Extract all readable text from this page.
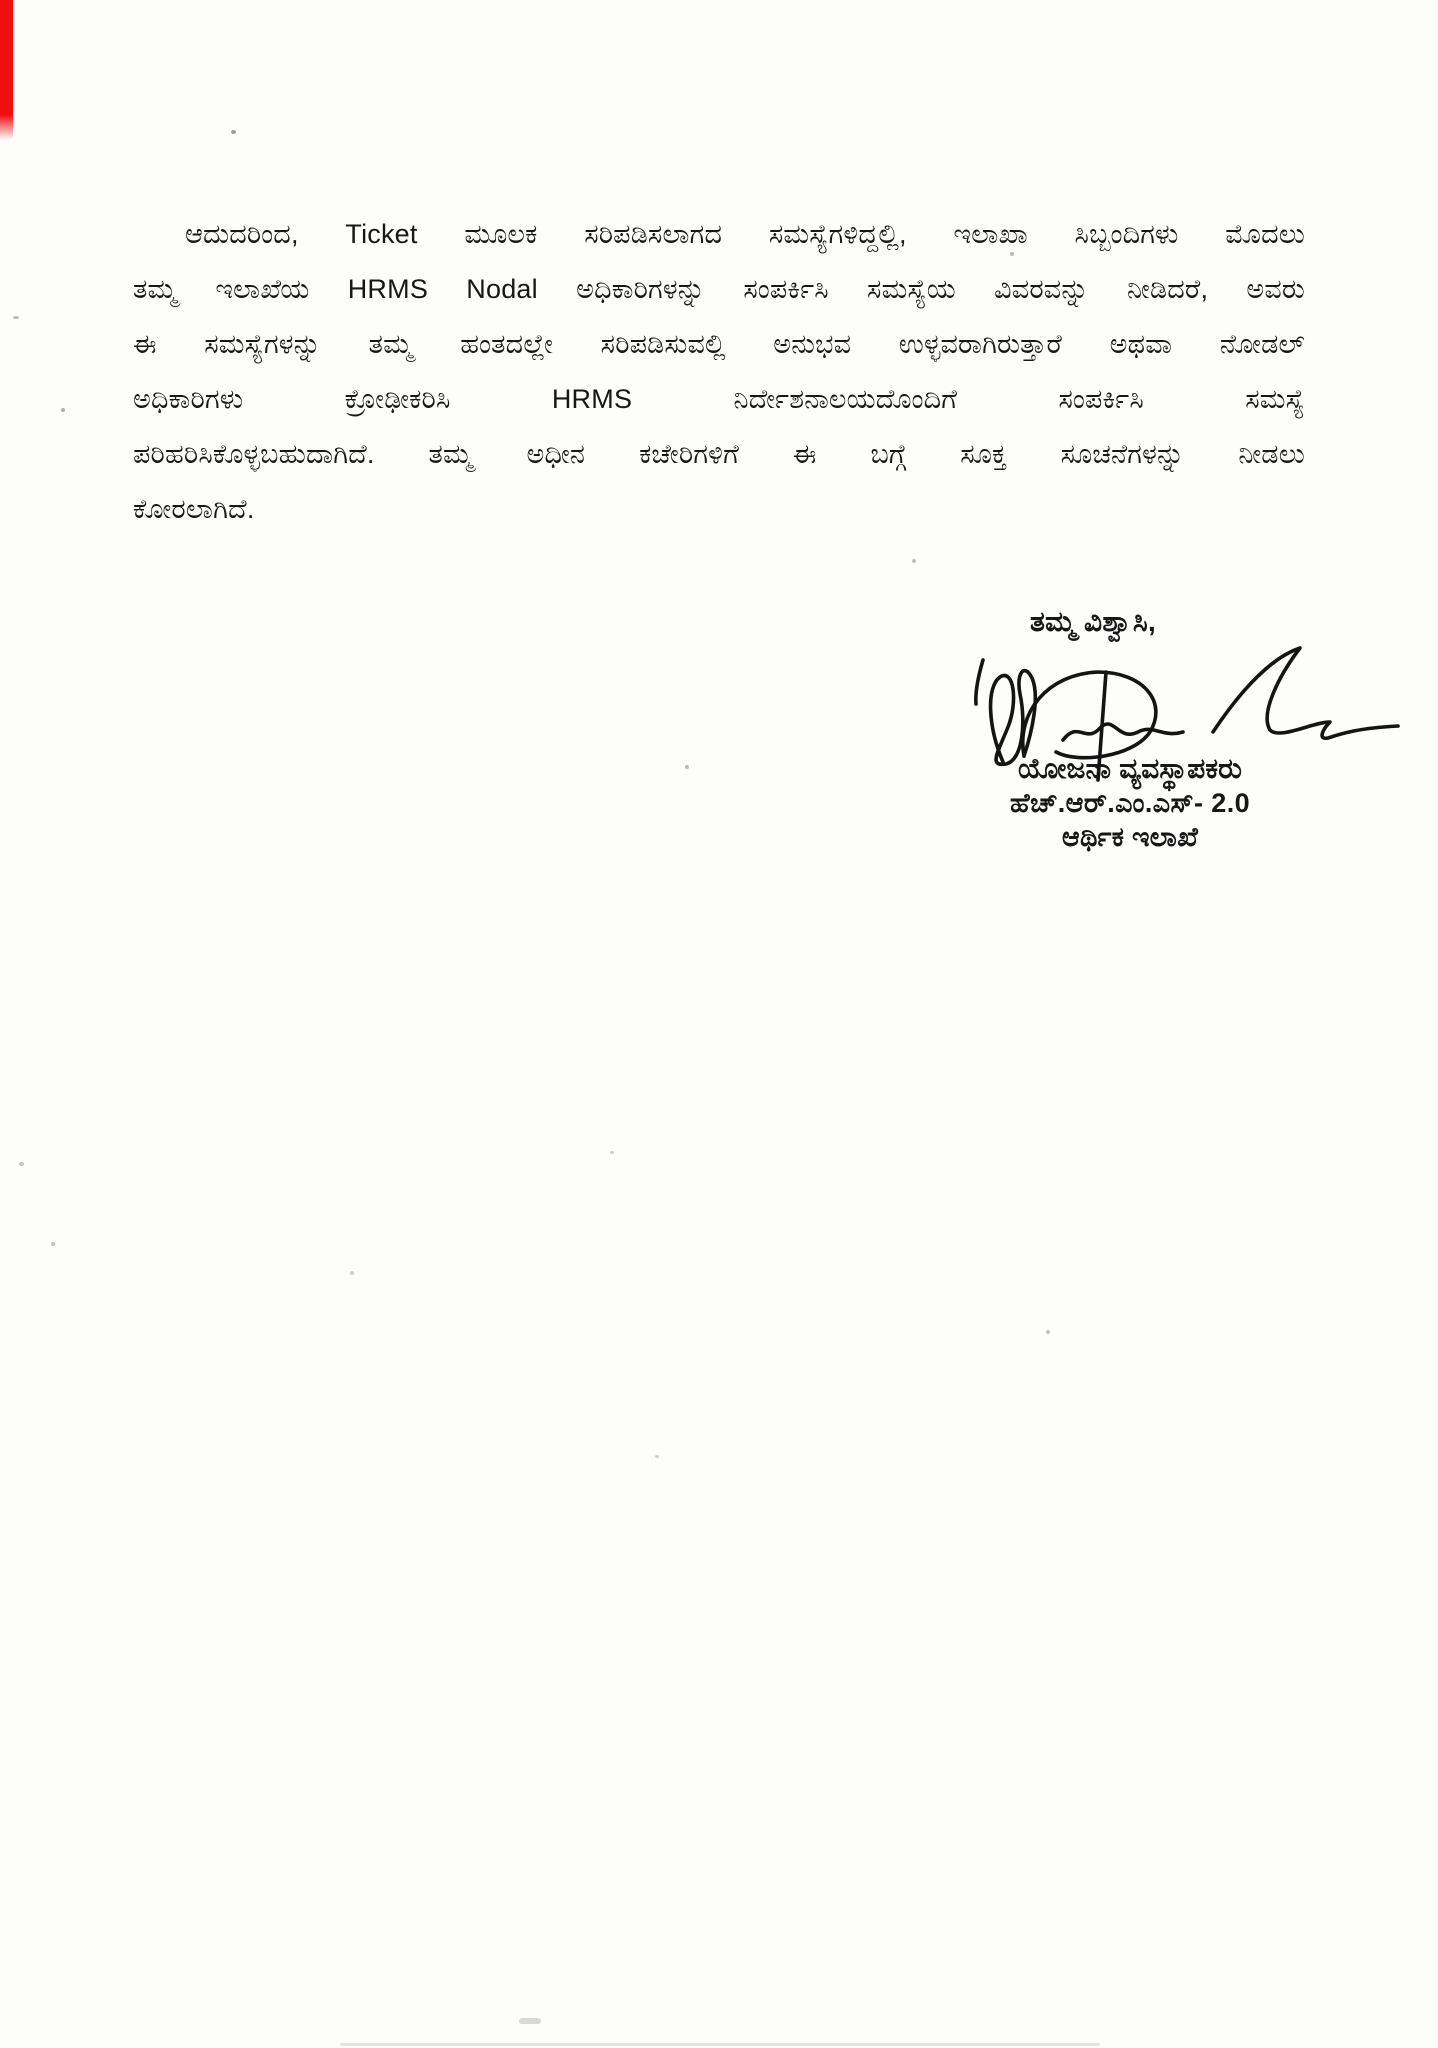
ಆದುದರಿಂದ, Ticket ಮೂಲಕ ಸರಿಪಡಿಸಲಾಗದ ಸಮಸ್ಯೆಗಳಿದ್ದಲ್ಲಿ, ಇಲಾಖಾ ಸಿಬ್ಬಂದಿಗಳು ಮೊದಲು
ತಮ್ಮ ಇಲಾಖೆಯ HRMS Nodal ಅಧಿಕಾರಿಗಳನ್ನು ಸಂಪರ್ಕಿಸಿ ಸಮಸ್ಯೆಯ ವಿವರವನ್ನು ನೀಡಿದರೆ, ಅವರು
ಈ ಸಮಸ್ಯೆಗಳನ್ನು ತಮ್ಮ ಹಂತದಲ್ಲೇ ಸರಿಪಡಿಸುವಲ್ಲಿ ಅನುಭವ ಉಳ್ಳವರಾಗಿರುತ್ತಾರೆ ಅಥವಾ ನೋಡಲ್
ಅಧಿಕಾರಿಗಳು ಕ್ರೋಢೀಕರಿಸಿ HRMS ನಿರ್ದೇಶನಾಲಯದೊಂದಿಗೆ ಸಂಪರ್ಕಿಸಿ ಸಮಸ್ಯೆ
ಪರಿಹರಿಸಿಕೊಳ್ಳಬಹುದಾಗಿದೆ. ತಮ್ಮ ಅಧೀನ ಕಚೇರಿಗಳಿಗೆ ಈ ಬಗ್ಗೆ ಸೂಕ್ತ ಸೂಚನೆಗಳನ್ನು ನೀಡಲು
ಕೋರಲಾಗಿದೆ.
ತಮ್ಮ ವಿಶ್ವಾಸಿ,
ಯೋಜನಾ ವ್ಯವಸ್ಥಾಪಕರು
ಹೆಚ್.ಆರ್.ಎಂ.ಎಸ್- 2.0
ಆರ್ಥಿಕ ಇಲಾಖೆ
